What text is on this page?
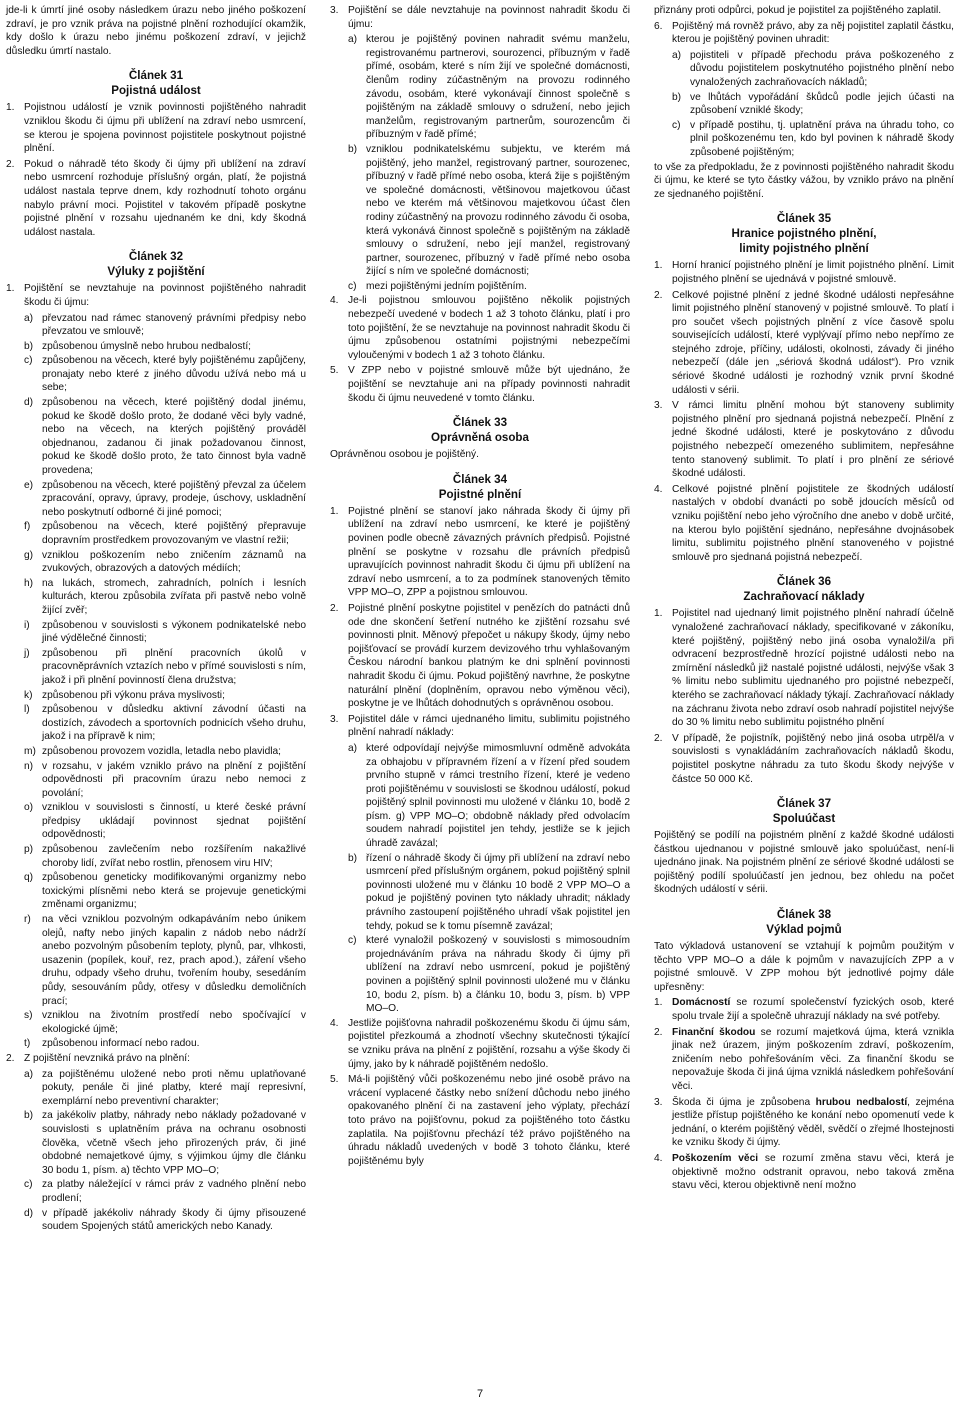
jde-li k úmrtí jiné osoby následkem úrazu nebo jiného poškození zdraví, je pro vznik práva na pojistné plnění rozhodující okamžik, kdy došlo k úrazu nebo jinému poškození zdraví, v jejichž důsledku úmrtí nastalo.

Článek 31
Pojistná událost
1. Pojistnou událostí je vznik povinnosti pojištěného nahradit vzniklou škodu či újmu při ublížení na zdraví nebo usmrcení, se kterou je spojena povinnost pojistitele poskytnout pojistné plnění.
2. Pokud o náhradě této škody či újmy při ublížení na zdraví nebo usmrcení rozhoduje příslušný orgán, platí, že pojistná událost nastala teprve dnem, kdy rozhodnutí tohoto orgánu nabylo právní moci. Pojistitel v takovém případě poskytne pojistné plnění v rozsahu ujednaném ke dni, kdy škodná událost nastala.
Článek 32
Výluky z pojištění
1. Pojištění se nevztahuje na povinnost pojištěného nahradit škodu či újmu:
a) převzatou nad rámec stanovený právními předpisy nebo převzatou ve smlouvě;
b) způsobenou úmyslně nebo hrubou nedbalostí;
c) způsobenou na věcech, které byly pojištěnému zapůjčeny, pronajaty nebo které z jiného důvodu užívá nebo má u sebe;
d) způsobenou na věcech, které pojištěný dodal jinému, pokud ke škodě došlo proto, že dodané věci byly vadné, nebo na věcech, na kterých pojištěný prováděl objednanou, zadanou či jinak požadovanou činnost, pokud ke škodě došlo proto, že tato činnost byla vadně provedena;
e) způsobenou na věcech, které pojištěný převzal za účelem zpracování, opravy, úpravy, prodeje, úschovy, uskladnění nebo poskytnutí odborné či jiné pomoci;
f) způsobenou na věcech, které pojištěný přepravuje dopravním prostředkem provozovaným ve vlastní režii;
g) vzniklou poškozením nebo zničením záznamů na zvukových, obrazových a datových médiích;
h) na lukách, stromech, zahradních, polních i lesních kulturách, kterou způsobila zvířata při pastvě nebo volně žijící zvěř;
i) způsobenou v souvislosti s výkonem podnikatelské nebo jiné výdělečné činnosti;
j) způsobenou při plnění pracovních úkolů v pracovněprávních vztazích nebo v přímé souvislosti s ním, jakož i při plnění povinností člena družstva;
k) způsobenou při výkonu práva myslivosti;
l) způsobenou v důsledku aktivní závodní účasti na dostizích, závodech a sportovních podnicích všeho druhu, jakož i na přípravě k nim;
m) způsobenou provozem vozidla, letadla nebo plavidla;
n) v rozsahu, v jakém vzniklo právo na plnění z pojištění odpovědnosti při pracovním úrazu nebo nemoci z povolání;
o) vzniklou v souvislosti s činností, u které české právní předpisy ukládají povinnost sjednat pojištění odpovědnosti;
p) způsobenou zavlečením nebo rozšířením nakažlivé choroby lidí, zvířat nebo rostlin, přenosem viru HIV;
q) způsobenou geneticky modifikovanými organizmy nebo toxickými plísněmi nebo která se projevuje genetickými změnami organizmu;
r) na věci vzniklou pozvolným odkapáváním nebo únikem olejů, nafty nebo jiných kapalin z nádob nebo nádrží anebo pozvolným působením teploty, plynů, par, vlhkosti, usazenin (popílek, kouř, rez, prach apod.), záření všeho druhu, odpady všeho druhu, tvořením houby, sesedáním půdy, sesouváním půdy, otřesy v důsledku demoličních prací;
s) vzniklou na životním prostředí nebo spočívající v ekologické újmě;
t) způsobenou informací nebo radou.
2. Z pojištění nevzniká právo na plnění:
a) za pojištěnému uložené nebo proti němu uplatňované pokuty, penále či jiné platby, které mají represivní, exemplární nebo preventivní charakter;
b) za jakékoliv platby, náhrady nebo náklady požadované v souvislosti s uplatněním práva na ochranu osobnosti člověka, včetně všech jeho přirozených práv, či jiné obdobné nemajetkové újmy, s výjimkou újmy dle článku 30 bodu 1, písm. a) těchto VPP MO–O;
c) za platby náležející v rámci práv z vadného plnění nebo prodlení;
d) v případě jakékoliv náhrady škody či újmy přisouzené soudem Spojených států amerických nebo Kanady.
3. Pojištění se dále nevztahuje na povinnost nahradit škodu či újmu:
a) kterou je pojištěný povinen nahradit svému manželu, registrovanému partnerovi, sourozenci, příbuzným v řadě přímé, osobám, které s ním žijí ve společné domácnosti, členům rodiny zúčastněným na provozu rodinného závodu, osobám, které vykonávají činnost společně s pojištěným na základě smlouvy o sdružení, nebo jejich manželům, registrovaným partnerům, sourozencům či příbuzným v řadě přímé;
b) vzniklou podnikatelskému subjektu, ve kterém má pojištěný, jeho manžel, registrovaný partner, sourozenec, příbuzný v řadě přímé nebo osoba, která žije s pojištěným ve společné domácnosti, většinovou majetkovou účast nebo ve kterém má většinovou majetkovou účast člen rodiny zúčastněný na provozu rodinného závodu či osoba, která vykonává činnost společně s pojištěným na základě smlouvy o sdružení, nebo její manžel, registrovaný partner, sourozenec, příbuzný v řadě přímé nebo osoba žijící s ním ve společné domácnosti;
c) mezi pojištěnými jedním pojištěním.
4. Je-li pojistnou smlouvou pojištěno několik pojistných nebezpečí uvedené v bodech 1 až 3 tohoto článku, platí i pro toto pojištění, že se nevztahuje na povinnost nahradit škodu či újmu způsobenou ostatními pojistnými nebezpečími vyloučenými v bodech 1 až 3 tohoto článku.
5. V ZPP nebo v pojistné smlouvě může být ujednáno, že pojištění se nevztahuje ani na případy povinnosti nahradit škodu či újmu neuvedené v tomto článku.
Článek 33
Oprávněná osoba

Oprávněnou osobou je pojištěný.

Článek 34
Pojistné plnění
1. Pojistné plnění se stanoví jako náhrada škody či újmy při ublížení na zdraví nebo usmrcení, ke které je pojištěný povinen podle obecně závazných právních předpisů. Pojistné plnění se poskytne v rozsahu dle právních předpisů upravujících povinnost nahradit škodu či újmu při ublížení na zdraví nebo usmrcení, a to za podmínek stanovených těmito VPP MO–O, ZPP a pojistnou smlouvou.
2. Pojistné plnění poskytne pojistitel v penězích do patnácti dnů ode dne skončení šetření nutného ke zjištění rozsahu své povinnosti plnit. Měnový přepočet u nákupy škody, újmy nebo pojišťovací se provádí kurzem devizového trhu vyhlašovaným Českou národní bankou platným ke dni splnění povinnosti nahradit škodu či újmu. Pokud pojištěný navrhne, že poskytne naturální plnění (doplněním, opravou nebo výměnou věci), poskytne je ve lhůtách dohodnutých s oprávněnou osobou.
3. Pojistitel dále v rámci ujednaného limitu, sublimitu pojistného plnění nahradí náklady:
a) které odpovídají nejvýše mimosmluvní odměně advokáta za obhajobu v přípravném řízení a v řízení před soudem prvního stupně v rámci trestního řízení, které je vedeno proti pojištěnému v souvislosti se škodnou událostí, pokud pojištěný splnil povinnosti mu uložené v článku 10, bodě 2 písm. g) VPP MO–O; obdobně náklady před odvolacím soudem nahradí pojistitel jen tehdy, jestliže se k jejich úhradě zavázal;
b) řízení o náhradě škody či újmy při ublížení na zdraví nebo usmrcení před příslušným orgánem, pokud pojištěný splnil povinnosti uložené mu v článku 10 bodě 2 VPP MO–O a pokud je pojištěný povinen tyto náklady uhradit; náklady právního zastoupení pojištěného uhradí však pojistitel jen tehdy, pokud se k tomu písemně zavázal;
c) které vynaložil poškozený v souvislosti s mimosoudním projednáváním práva na náhradu škody či újmy při ublížení na zdraví nebo usmrcení, pokud je pojištěný povinen a pojištěný splnil povinnosti uložené mu v článku 10, bodu 2, písm. b) a článku 10, bodu 3, písm. b) VPP MO–O.
4. Jestliže pojišťovna nahradil poškozenému škodu či újmu sám, pojistitel přezkoumá a zhodnotí všechny skutečnosti týkající se vzniku práva na plnění z pojištění, rozsahu a výše škody či újmy, jako by k náhradě pojištěném nedošlo.
5. Má-li pojištěný vůči poškozenému nebo jiné osobě právo na vrácení vyplacené částky nebo snížení důchodu nebo jiného opakovaného plnění či na zastavení jeho výplaty, přechází toto právo na pojišťovnu, pokud za pojištěného toto částku zaplatila. Na pojišťovnu přechází též právo pojištěného na úhradu nákladů uvedených v bodě 3 tohoto článku, které pojištěnému byly

přiznány proti odpůrci, pokud je pojistitel za pojištěného zaplatil.

6. Pojištěný má rovněž právo, aby za něj pojistitel zaplatil částku, kterou je pojištěný povinen uhradit:
a) pojistiteli v případě přechodu práva poškozeného z důvodu pojistitelem poskytnutého pojistného plnění nebo vynaložených zachraňovacích nákladů;
b) ve lhůtách vypořádání škůdců podle jejich účasti na způsobení vzniklé škody;
c) v případě postihu, tj. uplatnění práva na úhradu toho, co plnil poškozenému ten, kdo byl povinen k náhradě škody způsobené pojištěným;

to vše za předpokladu, že z povinnosti pojištěného nahradit škodu či újmu, ke které se tyto částky vážou, by vzniklo právo na plnění ze sjednaného pojištění.

Článek 35
Hranice pojistného plnění,
limity pojistného plnění
1. Horní hranicí pojistného plnění je limit pojistného plnění. Limit pojistného plnění se ujednává v pojistné smlouvě.
2. Celkové pojistné plnění z jedné škodné události nepřesáhne limit pojistného plnění stanovený v pojistné smlouvě. To platí i pro součet všech pojistných plnění z více časově spolu souvisejících událostí, které vyplývají přímo nebo nepřímo ze stejného zdroje, příčiny, události, okolnosti, závady či jiného nebezpečí (dále jen „sériová škodná událost“). Pro vznik sériové škodné události je rozhodný vznik první škodné události v sérii.
3. V rámci limitu plnění mohou být stanoveny sublimity pojistného plnění pro sjednaná pojistná nebezpečí. Plnění z jedné škodné události, které je poskytováno z důvodu pojistného nebezpečí omezeného sublimitem, nepřesáhne tento stanovený sublimit. To platí i pro plnění ze sériové škodné události.
4. Celkové pojistné plnění pojistitele ze škodných událostí nastalých v období dvanácti po sobě jdoucích měsíců od vzniku pojištění nebo jeho výročního dne anebo v době určité, na kterou bylo pojištění sjednáno, nepřesáhne dvojnásobek limitu, sublimitu pojistného plnění stanoveného v pojistné smlouvě pro sjednaná pojistná nebezpečí.
Článek 36
Zachraňovací náklady
1. Pojistitel nad ujednaný limit pojistného plnění nahradí účelně vynaložené zachraňovací náklady, specifikované v zákoníku, které pojištěný, pojištěný nebo jiná osoba vynaložil/a při odvracení bezprostředně hrozící pojistné události nebo na zmírnění následků již nastalé pojistné události, nejvýše však 3 % limitu nebo sublimitu ujednaného pro pojistné nebezpečí, kterého se zachraňovací náklady týkají. Zachraňovací náklady na záchranu života nebo zdraví osob nahradí pojistitel nejvýše do 30 % limitu nebo sublimitu pojistného plnění
2. V případě, že pojistník, pojištěný nebo jiná osoba utrpěl/a v souvislosti s vynakládáním zachraňovacích nákladů škodu, pojistitel poskytne náhradu za tuto škodu škody nejvýše v částce 50 000 Kč.
Článek 37
Spoluúčast

Pojištěný se podílí na pojistném plnění z každé škodné události částkou ujednanou v pojistné smlouvě jako spoluúčast, není-li ujednáno jinak. Na pojistném plnění ze sériové škodné události se pojištěný podílí spoluúčastí jen jednou, bez ohledu na počet škodných událostí v sérii.

Článek 38
Výklad pojmů

Tato výkladová ustanovení se vztahují k pojmům použitým v těchto VPP MO–O a dále k pojmům v navazujících ZPP a v pojistné smlouvě. V ZPP mohou být jednotlivé pojmy dále upřesněny:

1. Domácností se rozumí společenství fyzických osob, které spolu trvale žijí a společně uhrazují náklady na své potřeby.
2. Finanční škodou se rozumí majetková újma, která vznikla jinak než úrazem, jiným poškozením zdraví, poškozením, zničením nebo pohřešováním věci. Za finanční škodu se nepovažuje škoda či jiná újma vzniklá následkem pohřešování věci.
3. Škoda či újma je způsobena hrubou nedbalostí, zejména jestliže přístup pojištěného ke konání nebo opomenutí vede k jednání, o kterém pojištěný věděl, svědčí o zřejmé lhostejnosti ke vzniku škody či újmy.
4. Poškozením věci se rozumí změna stavu věci, která je objektivně možno odstranit opravou, nebo taková změna stavu věci, kterou objektivně není možno
7
